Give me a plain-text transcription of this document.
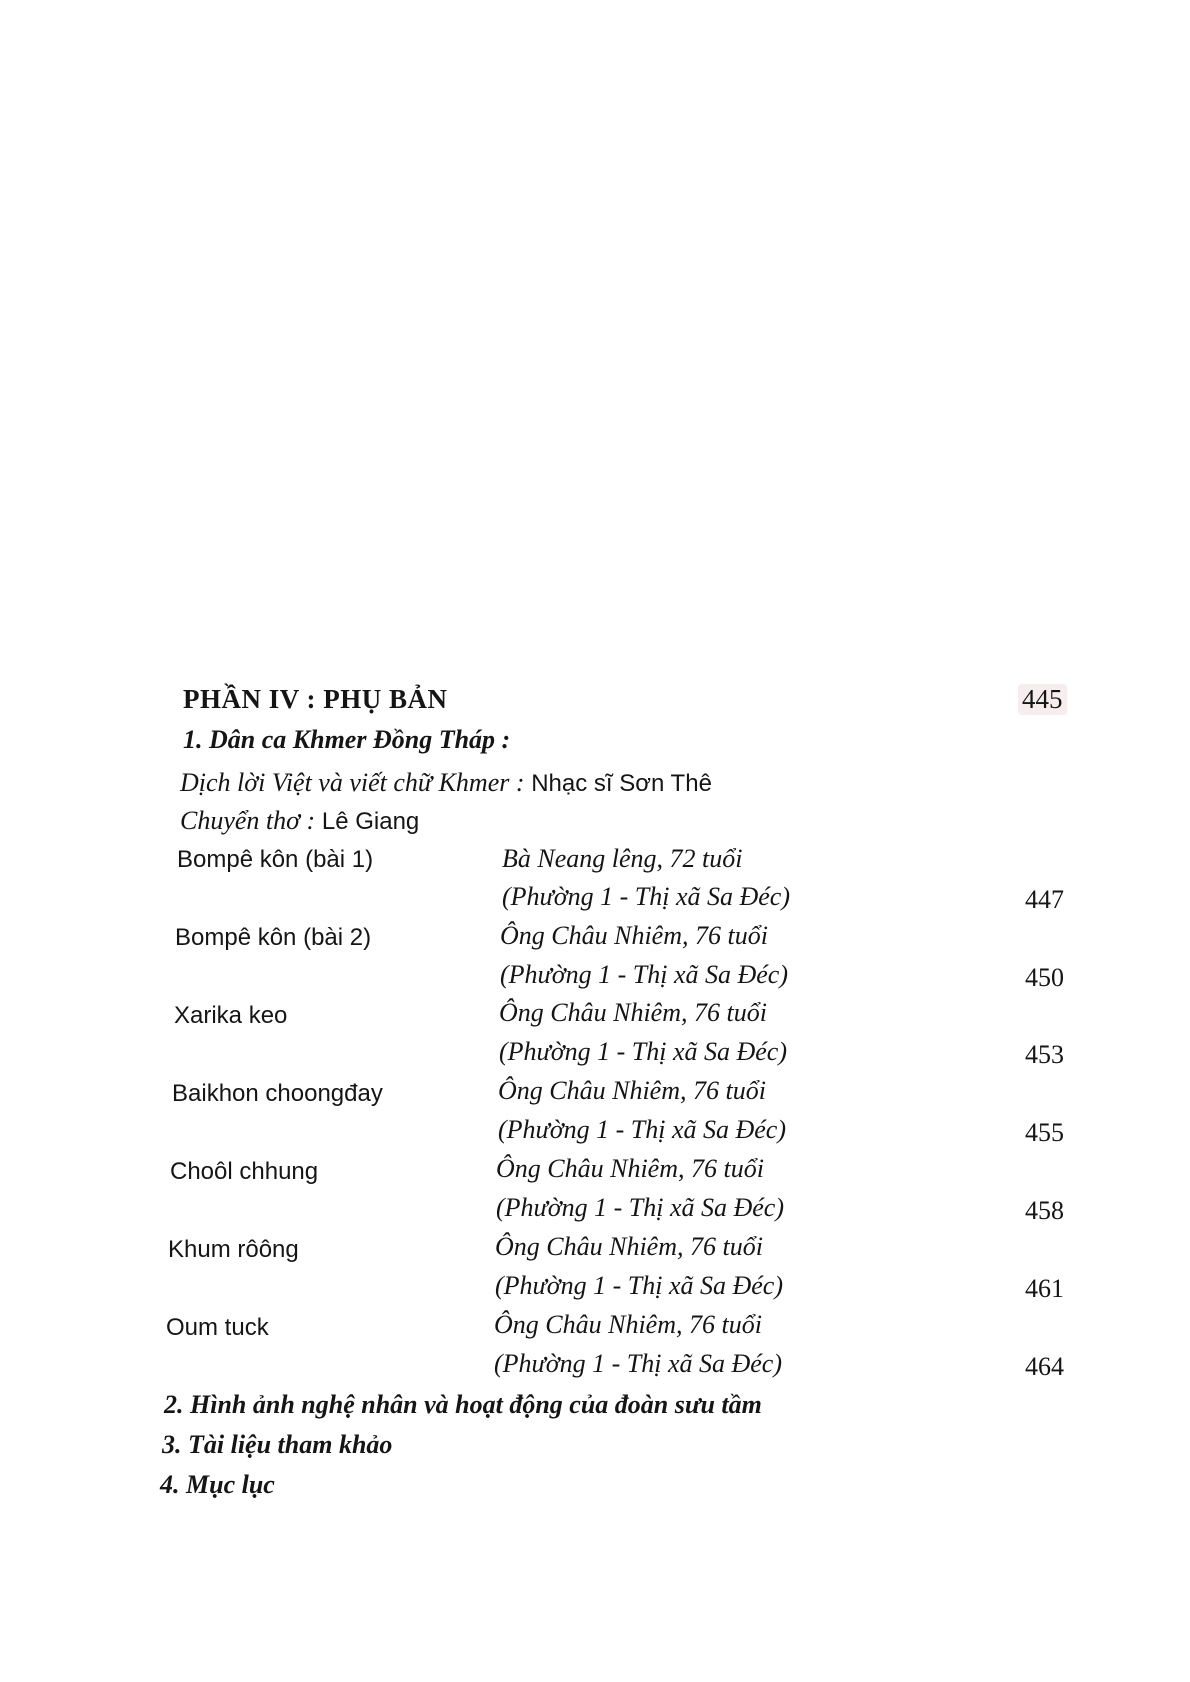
PHẦN IV : PHỤ BẢN	445
1. Dân ca Khmer Đồng Tháp :
Dịch lời Việt và viết chữ Khmer : Nhạc sĩ Sơn Thê
Chuyển thơ : Lê Giang
Bompê kôn (bài 1)	Bà Neang lêng, 72 tuổi
(Phường 1 - Thị xã Sa Đéc)	447
Bompê kôn (bài 2)	Ông Châu Nhiêm, 76 tuổi
(Phường 1 - Thị xã Sa Đéc)	450
Xarika keo	Ông Châu Nhiêm, 76 tuổi
(Phường 1 - Thị xã Sa Đéc)	453
Baikhon choongđay	Ông Châu Nhiêm, 76 tuổi
(Phường 1 - Thị xã Sa Đéc)	455
Choôl chhung	Ông Châu Nhiêm, 76 tuổi
(Phường 1 - Thị xã Sa Đéc)	458
Khum rôông	Ông Châu Nhiêm, 76 tuổi
(Phường 1 - Thị xã Sa Đéc)	461
Oum tuck	Ông Châu Nhiêm, 76 tuổi
(Phường 1 - Thị xã Sa Đéc)	464
2. Hình ảnh nghệ nhân và hoạt động của đoàn sưu tầm
3. Tài liệu tham khảo
4. Mục lục
